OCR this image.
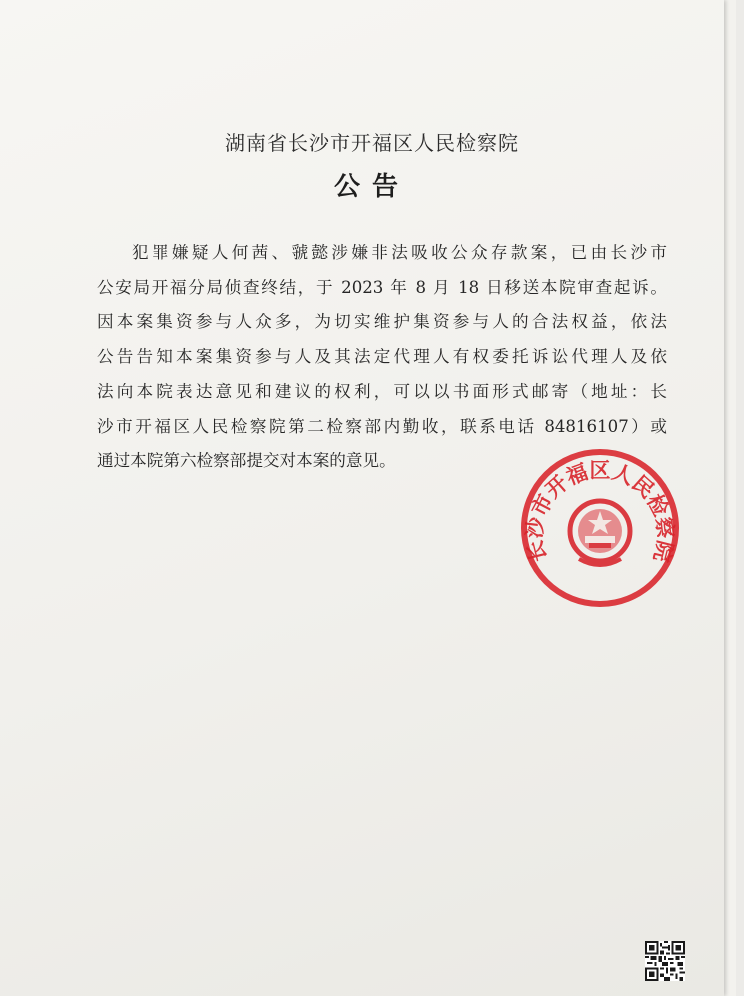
湖南省长沙市开福区人民检察院
公告

犯罪嫌疑人何茜、虢懿涉嫌非法吸收公众存款案，已由长沙市
公安局开福分局侦查终结，于 2023 年 8 月 18 日移送本院审查起诉。
因本案集资参与人众多，为切实维护集资参与人的合法权益，依法
公告告知本案集资参与人及其法定代理人有权委托诉讼代理人及依
法向本院表达意见和建议的权利，可以以书面形式邮寄（地址：长
沙市开福区人民检察院第二检察部内勤收，联系电话 84816107）或
通过本院第六检察部提交对本案的意见。

长沙市开福区人民检察院
